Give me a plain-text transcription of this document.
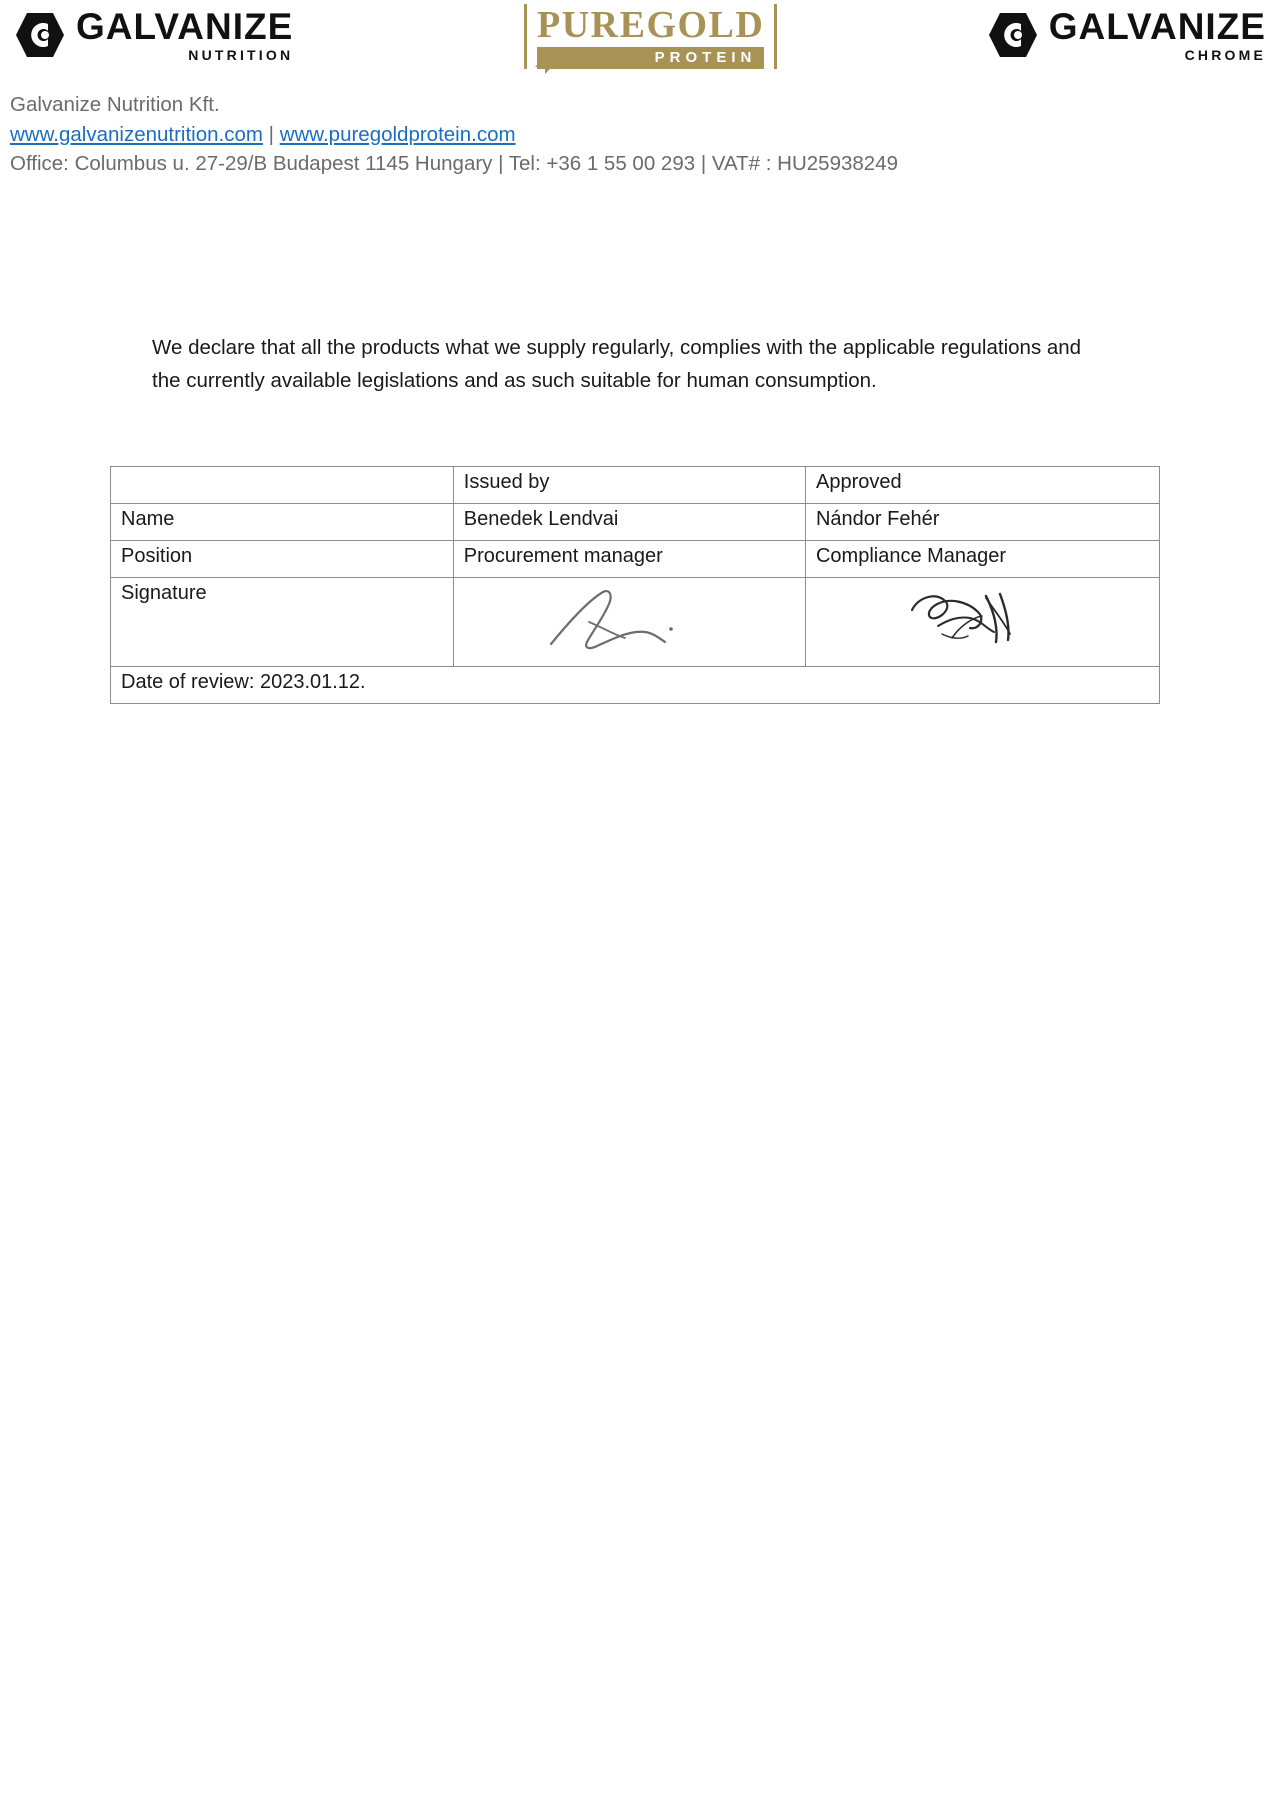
GALVANIZE
NUTRITION
PUREGOLD
PROTEIN
GALVANIZE
CHROME
Galvanize Nutrition Kft.
www.galvanizenutrition.com | www.puregoldprotein.com
Office: Columbus u. 27-29/B Budapest 1145 Hungary | Tel: +36 1 55 00 293 | VAT# : HU25938249
We declare that all the products what we supply regularly, complies with the applicable regulations and the currently available legislations and as such suitable for human consumption.
	Issued by	Approved
Name	Benedek Lendvai	Nándor Fehér
Position	Procurement manager	Compliance Manager
Signature	

Date of review: 2023.01.12.		
